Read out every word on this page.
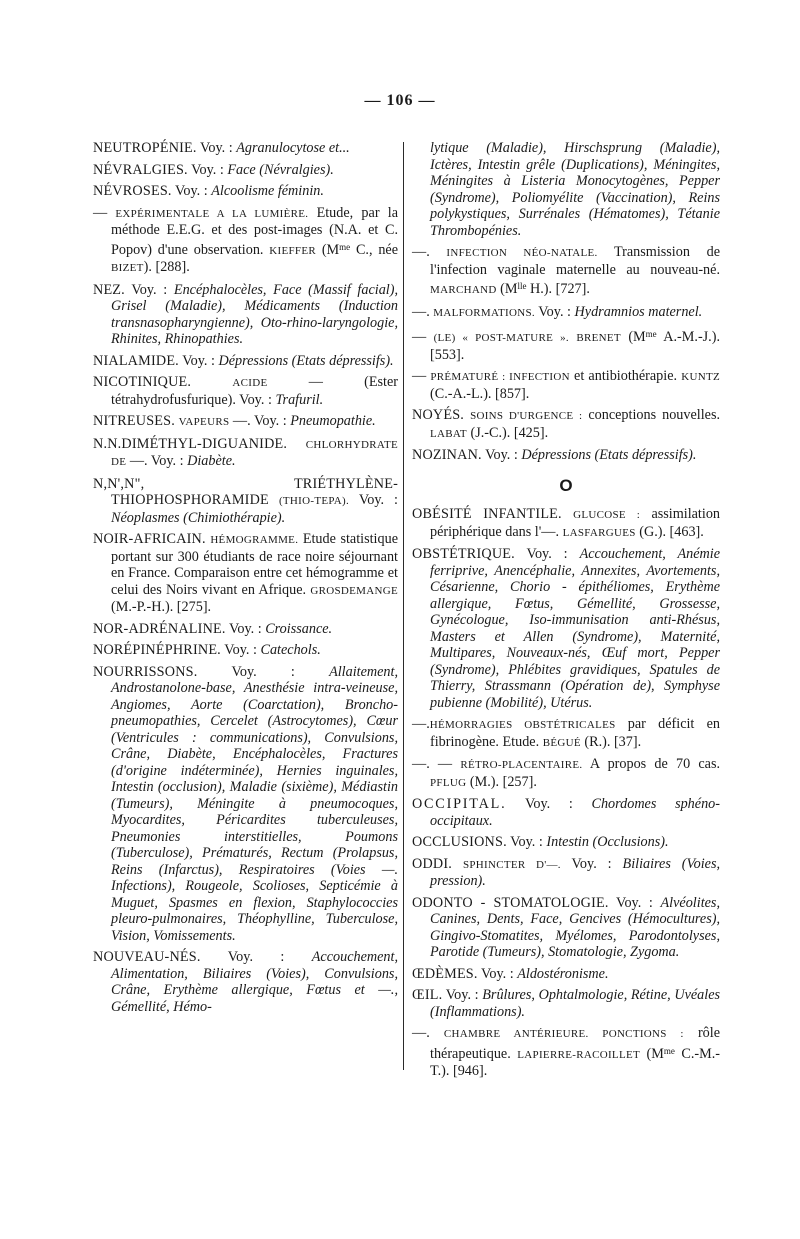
— 106 —

NEUTROPÉNIE. Voy. : Agranulocytose et...

NÉVRALGIES. Voy. : Face (Névralgies).

NÉVROSES. Voy. : Alcoolisme féminin.

— EXPÉRIMENTALE A LA LUMIÈRE. Etude, par la méthode E.E.G. et des post-images (N.A. et C. Popov) d'une observation. KIEFFER ($M^{me}$ C., née BIZET). [288].

NEZ. Voy. : Encéphalocèles, Face (Massif facial), Grisel (Maladie), Médicaments (Induction transnasopharyngienne), Oto-rhino-laryngologie, Rhinites, Rhinopathies.

NIALAMIDE. Voy. : Dépressions (Etats dépressifs).

NICOTINIQUE.	ACIDE — (Ester tétrahydrofusfurique). Voy. : Trafuril.

NITREUSES. VAPEURS —. Voy. : Pneumopathie.

N.N.DIMÉTHYL-DIGUANIDE. CHLORHYDRATE DE —. Voy. : Diabète.

N,N',N", TRIÉTHYLÈNE-THIOPHOSPHORAMIDE (THIO-TEPA). Voy. : Néoplasmes (Chimiothérapie).

NOIR-AFRICAIN. HÉMOGRAMME. Etude statistique portant sur 300 étudiants de race noire séjournant en France. Comparaison entre cet hémogramme et celui des Noirs vivant en Afrique. GROSDEMANGE (M.-P.-H.). [275].

NOR-ADRÉNALINE. Voy. : Croissance.

NORÉPINÉPHRINE. Voy. : Catechols.

NOURRISSONS. Voy. : Allaitement, Androstanolone-base, Anesthésie intra-veineuse, Angiomes, Aorte (Coarctation), Broncho-pneumopathies, Cercelet (Astrocytomes), Cœur (Ventricules : communications), Convulsions, Crâne, Diabète, Encéphalocèles, Fractures (d'origine indéterminée), Hernies inguinales, Intestin (occlusion), Maladie (sixième), Médiastin (Tumeurs), Méningite à pneumocoques, Myocardites, Péricardites tuberculeuses, Pneumonies interstitielles, Poumons (Tuberculose), Prématurés, Rectum (Prolapsus, Reins (Infarctus), Respiratoires (Voies —. Infections), Rougeole, Scolioses, Septicémie à Muguet, Spasmes en flexion, Staphylococcies pleuro-pulmonaires, Théophylline, Tuberculose, Vision, Vomissements.

NOUVEAU-NÉS. Voy. : Accouchement, Alimentation, Biliaires (Voies), Convulsions, Crâne, Erythème allergique, Fœtus et —., Gémellité, Hémo-

lytique (Maladie), Hirschsprung (Maladie), Ictères, Intestin grêle (Duplications), Méningites, Méningites à Listeria Monocytogènes, Pepper (Syndrome), Poliomyélite (Vaccination), Reins polykystiques, Surrénales (Hématomes), Tétanie Thrombopénies.

—. INFECTION NÉO-NATALE. Transmission de l'infection vaginale maternelle au nouveau-né. MARCHAND ($M^{lle}$ H.). [727].

—. MALFORMATIONS. Voy. : Hydramnios maternel.

— (LE) « POST-MATURE ». BRENET ($M^{me}$ A.-M.-J.). [553].

— PRÉMATURÉ : INFECTION et antibiothérapie. KUNTZ (C.-A.-L.). [857].

NOYÉS. SOINS D'URGENCE : conceptions nouvelles. LABAT (J.-C.). [425].

NOZINAN. Voy. : Dépressions (Etats dépressifs).

O

OBÉSITÉ INFANTILE. GLUCOSE : assimilation périphérique dans l'—. LASFARGUES (G.). [463].

OBSTÉTRIQUE. Voy. : Accouchement, Anémie ferriprive, Anencéphalie, Annexites, Avortements, Césarienne, Chorio - épithéliomes, Erythème allergique, Fœtus, Gémellité, Grossesse, Gynécologue, Iso-immunisation anti-Rhésus, Masters et Allen (Syndrome), Maternité, Multipares, Nouveaux-nés, Œuf mort, Pepper (Syndrome), Phlébites gravidiques, Spatules de Thierry, Strassmann (Opération de), Symphyse pubienne (Mobilité), Utérus.

—.HÉMORRAGIES OBSTÉTRICALES par déficit en fibrinogène. Etude. BÉGUÉ (R.). [37].

—. — RÉTRO-PLACENTAIRE. A propos de 70 cas. PFLUG (M.). [257].

OCCIPITAL. Voy. : Chordomes sphéno-occipitaux.

OCCLUSIONS. Voy. : Intestin (Occlusions).

ODDI. SPHINCTER D'—. Voy. : Biliaires (Voies, pression).

ODONTO - STOMATOLOGIE. Voy. : Alvéolites, Canines, Dents, Face, Gencives (Hémocultures), Gingivo-Stomatites, Myélomes, Parodontolyses, Parotide (Tumeurs), Stomatologie, Zygoma.

ŒDÈMES. Voy. : Aldostéronisme.

ŒIL. Voy. : Brûlures, Ophtalmologie, Rétine, Uvéales (Inflammations).

—. CHAMBRE ANTÉRIEURE. PONCTIONS : rôle thérapeutique. LAPIERRE-RACOILLET ($M^{me}$ C.-M.-T.). [946].
